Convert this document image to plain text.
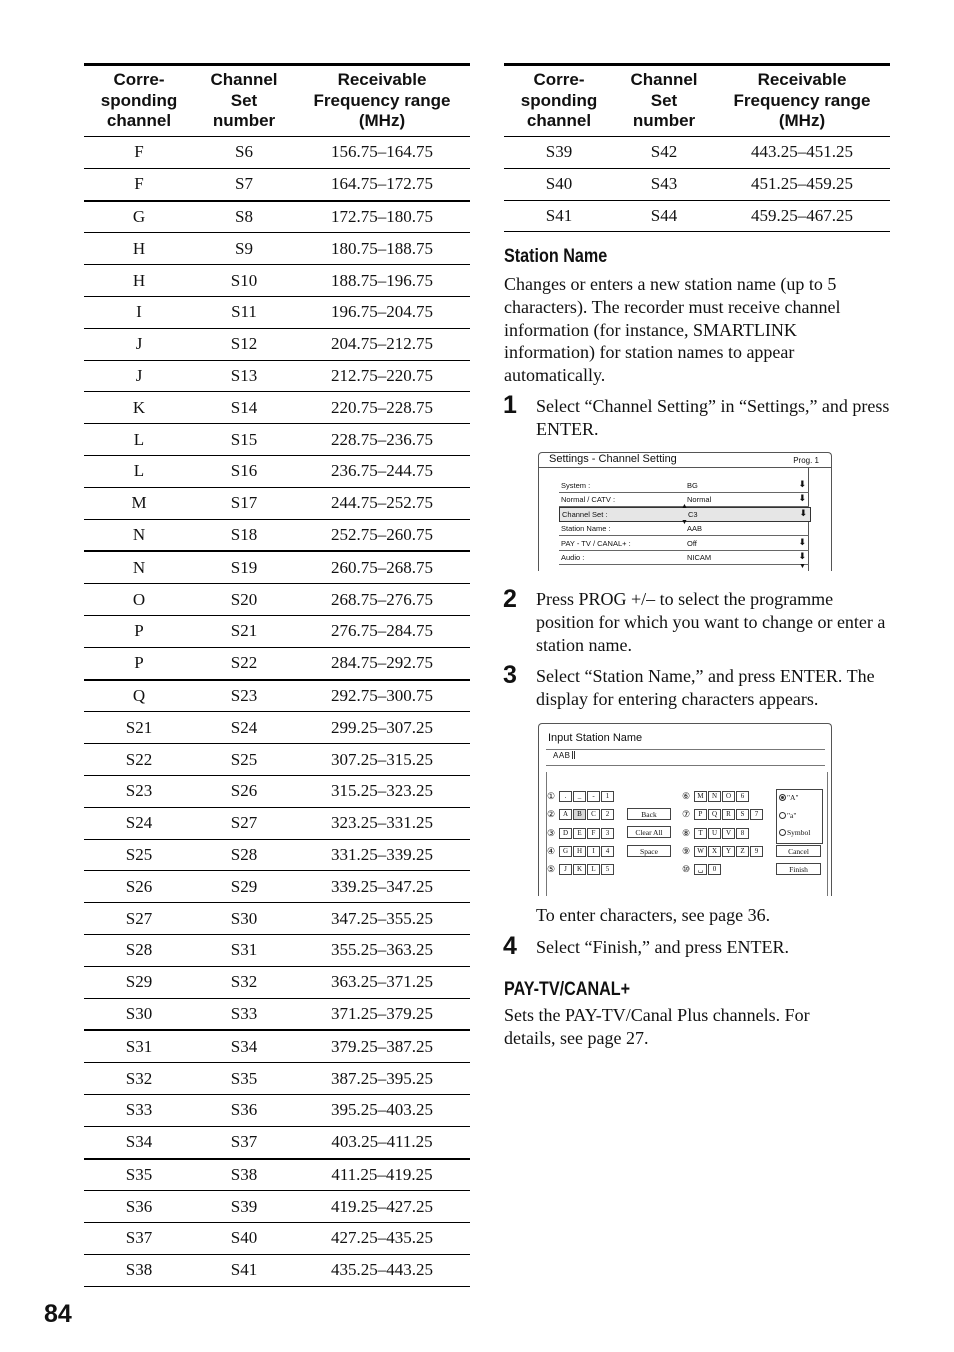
Corre-
sponding
channel	Channel
Set
number	Receivable
Frequency range
(MHz)
F	S6	156.75–164.75
F	S7	164.75–172.75
G	S8	172.75–180.75
H	S9	180.75–188.75
H	S10	188.75–196.75
I	S11	196.75–204.75
J	S12	204.75–212.75
J	S13	212.75–220.75
K	S14	220.75–228.75
L	S15	228.75–236.75
L	S16	236.75–244.75
M	S17	244.75–252.75
N	S18	252.75–260.75
N	S19	260.75–268.75
O	S20	268.75–276.75
P	S21	276.75–284.75
P	S22	284.75–292.75
Q	S23	292.75–300.75
S21	S24	299.25–307.25
S22	S25	307.25–315.25
S23	S26	315.25–323.25
S24	S27	323.25–331.25
S25	S28	331.25–339.25
S26	S29	339.25–347.25
S27	S30	347.25–355.25
S28	S31	355.25–363.25
S29	S32	363.25–371.25
S30	S33	371.25–379.25
S31	S34	379.25–387.25
S32	S35	387.25–395.25
S33	S36	395.25–403.25
S34	S37	403.25–411.25
S35	S38	411.25–419.25
S36	S39	419.25–427.25
S37	S40	427.25–435.25
S38	S41	435.25–443.25
Corre-
sponding
channel	Channel
Set
number	Receivable
Frequency range
(MHz)
S39	S42	443.25–451.25
S40	S43	451.25–459.25
S41	S44	459.25–467.25
Station Name
Changes or enters a new station name (up to 5 characters). The recorder must receive channel information (for instance, SMARTLINK information) for station names to appear automatically.
1 Select “Channel Setting” in “Settings,” and press ENTER.
Settings - Channel Setting	Prog. 1
System :	BG	⬇
Normal / CATV :	Normal	⬇
Channel Set :	C3	⬇
Station Name :	AAB
PAY - TV / CANAL+ :	Off	⬇
Audio :	NICAM	⬇
▲
▼
▼
2 Press PROG +/– to select the programme position for which you want to change or enter a station name.
3 Select “Station Name,” and press ENTER. The display for entering characters appears.
Input Station Name
AAB
①	.	_	-	1
②	A	B	C	2
③	D	E	F	3
④	G	H	I	4
⑤	J	K	L	5
⑥	M	N	O	6
⑦	P	Q	R	S	7
⑧	T	U	V	8
⑨	W	X	Y	Z	9
⑩	␣	0
Back
Clear All
Space	Cancel
Finish
"A"
"a"
Symbol
To enter characters, see page 36.
4 Select “Finish,” and press ENTER.
PAY-TV/CANAL+
Sets the PAY-TV/Canal Plus channels. For details, see page 27.
84
